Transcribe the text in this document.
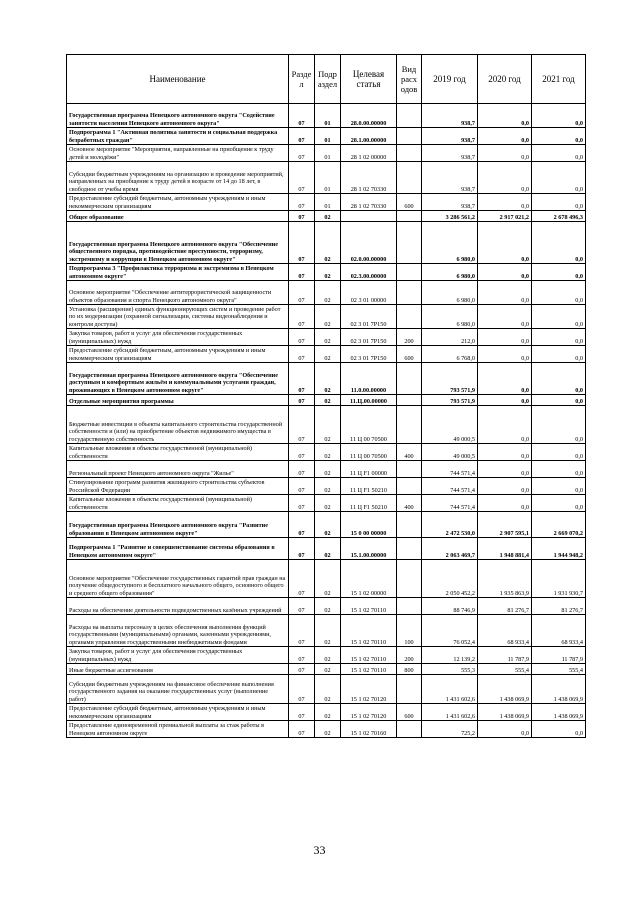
Наименование	Разде л	Подр аздел	Целевая статья	Вид расх одов	2019 год	2020 год	2021 год
Государственная программа Ненецкого автономного округа "Содействие занятости населения Ненецкого автономного округа"	07	01	28.0.00.00000		938,7	0,0	0,0
Подпрограмма 1 "Активная политика занятости и социальная поддержка безработных граждан"	07	01	28.1.00.00000		938,7	0,0	0,0
Основное мероприятие "Мероприятия, направленные на приобщение к труду детей и молодёжи"	07	01	28 1 02 00000		938,7	0,0	0,0
Субсидии бюджетным учреждениям на организацию и проведение мероприятий, направленных на приобщение к труду детей в возрасте от 14 до 18 лет, в свободное от учебы время	07	01	28 1 02 70330		938,7	0,0	0,0
Предоставление субсидий бюджетным, автономным учреждениям и иным некоммерческим организациям	07	01	28 1 02 70330	600	938,7	0,0	0,0
Общее образование	07	02			3 286 561,2	2 917 021,2	2 678 496,3
Государственная программа Ненецкого автономного округа "Обеспечение общественного порядка, противодействие преступности, терроризму, экстремизму и коррупции в Ненецком автономном округе"	07	02	02.0.00.00000		6 980,0	0,0	0,0
Подпрограмма 3 "Профилактика терроризма и экстремизма в Ненецком автономном округе"	07	02	02.3.00.00000		6 980,0	0,0	0,0
Основное мероприятие "Обеспечение антитеррористической защищенности объектов образования и спорта Ненецкого автономного округа"	07	02	02 3 01 00000		6 980,0	0,0	0,0
Установка (расширение) единых функционирующих систем и проведение работ по их модернизации (охранной сигнализации, системы видеонаблюдения и контроля доступа)	07	02	02 3 01 7P150		6 980,0	0,0	0,0
Закупка товаров, работ и услуг для обеспечения государственных (муниципальных) нужд	07	02	02 3 01 7P150	200	212,0	0,0	0,0
Предоставление субсидий бюджетным, автономным учреждениям и иным некоммерческим организациям	07	02	02 3 01 7P150	600	6 768,0	0,0	0,0
Государственная программа Ненецкого автономного округа "Обеспечение доступным и комфортным жильём и коммунальными услугами граждан, проживающих в Ненецком автономном округе"	07	02	11.0.00.00000		793 571,9	0,0	0,0
Отдельные мероприятия программы	07	02	11.Ц.00.00000		793 571,9	0,0	0,0
Бюджетные инвестиции в объекты капитального строительства государственной собственности и (или) на приобретение объектов недвижимого имущества в государственную собственность	07	02	11 Ц 00 70500		49 000,5	0,0	0,0
Капитальные вложения в объекты государственной (муниципальной) собственности	07	02	11 Ц 00 70500	400	49 000,5	0,0	0,0
Региональный проект Ненецкого автономного округа "Жилье"	07	02	11 Ц F1 00000		744 571,4	0,0	0,0
Стимулирование программ развития жилищного строительства субъектов Российской Федерации	07	02	11 Ц F1 50210		744 571,4	0,0	0,0
Капитальные вложения в объекты государственной (муниципальной) собственности	07	02	11 Ц F1 50210	400	744 571,4	0,0	0,0
Государственная программа Ненецкого автономного округа "Развитие образования в Ненецком автономном округе"	07	02	15 0 00 00000		2 472 530,0	2 907 595,1	2 669 070,2
Подпрограмма 1 "Развитие и совершенствование системы образования в Ненецком автономном округе"	07	02	15.1.00.00000		2 063 469,7	1 948 881,4	1 944 948,2
Основное мероприятие "Обеспечение государственных гарантий прав граждан на получение общедоступного и бесплатного начального общего, основного общего и среднего общего образования"	07	02	15 1 02 00000		2 050 452,2	1 935 863,9	1 931 930,7
Расходы на обеспечение деятельности подведомственных казённых учреждений	07	02	15 1 02 70110		88 746,9	81 276,7	81 276,7
Расходы на выплаты персоналу в целях обеспечения выполнения функций государственными (муниципальными) органами, казенными учреждениями, органами управления государственными внебюджетными фондами	07	02	15 1 02 70110	100	76 052,4	68 933,4	68 933,4
Закупка товаров, работ и услуг для обеспечения государственных (муниципальных) нужд	07	02	15 1 02 70110	200	12 139,2	11 787,9	11 787,9
Иные бюджетные ассигнования	07	02	15 1 02 70110	800	555,3	555,4	555,4
Субсидии бюджетным учреждениям на финансовое обеспечение выполнения государственного задания на оказание государственных услуг (выполнение работ)	07	02	15 1 02 70120		1 431 602,6	1 438 069,9	1 438 069,9
Предоставление субсидий бюджетным, автономным учреждениям и иным некоммерческим организациям	07	02	15 1 02 70120	600	1 431 602,6	1 438 069,9	1 438 069,9
Предоставление единовременной премиальной выплаты за стаж работы в Ненецком автономном округе	07	02	15 1 02 70160		725,2	0,0	0,0
33
